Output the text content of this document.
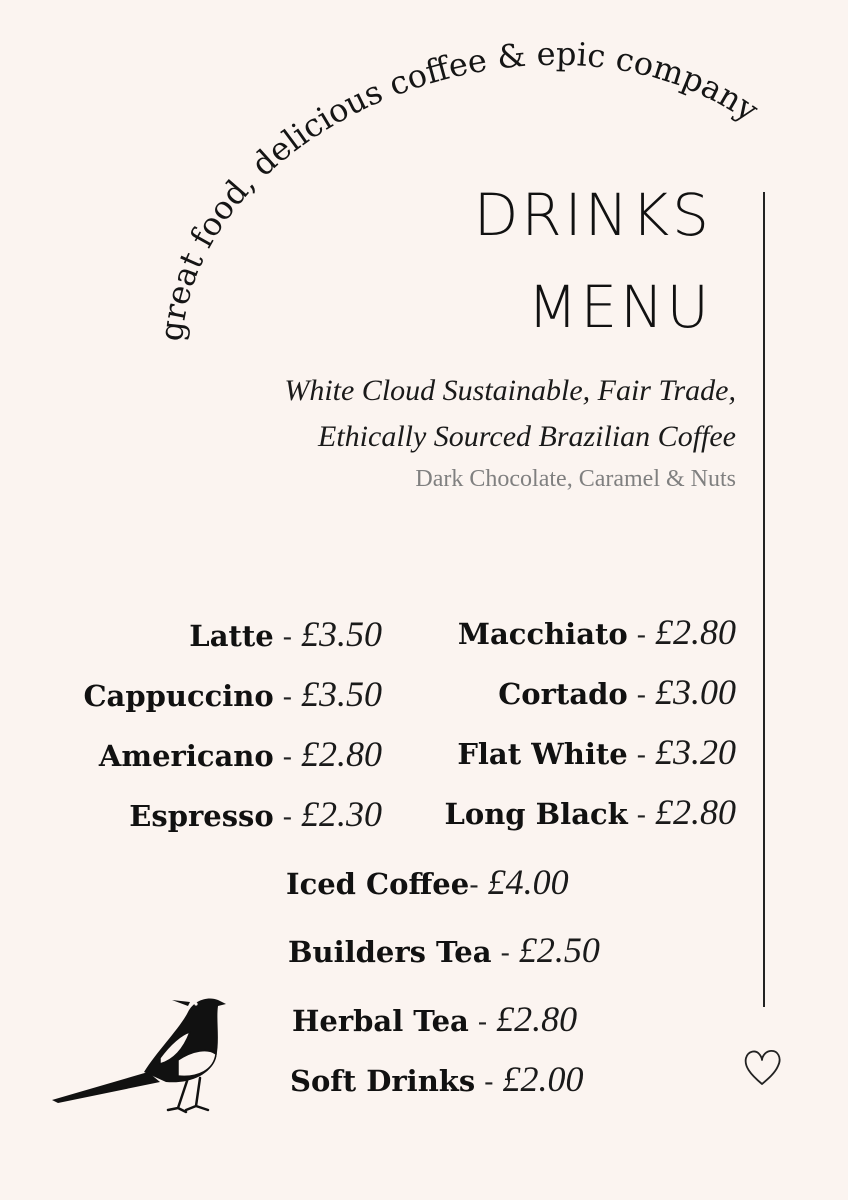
great food, delicious coffee & epic company
DRINKS
MENU
White Cloud Sustainable, Fair Trade,
Ethically Sourced Brazilian Coffee
Dark Chocolate, Caramel & Nuts
Latte - £3.50
Cappuccino - £3.50
Americano - £2.80
Espresso - £2.30
Macchiato - £2.80
Cortado - £3.00
Flat White - £3.20
Long Black - £2.80
Iced Coffee- £4.00
Builders Tea - £2.50
Herbal Tea - £2.80
Soft Drinks - £2.00
